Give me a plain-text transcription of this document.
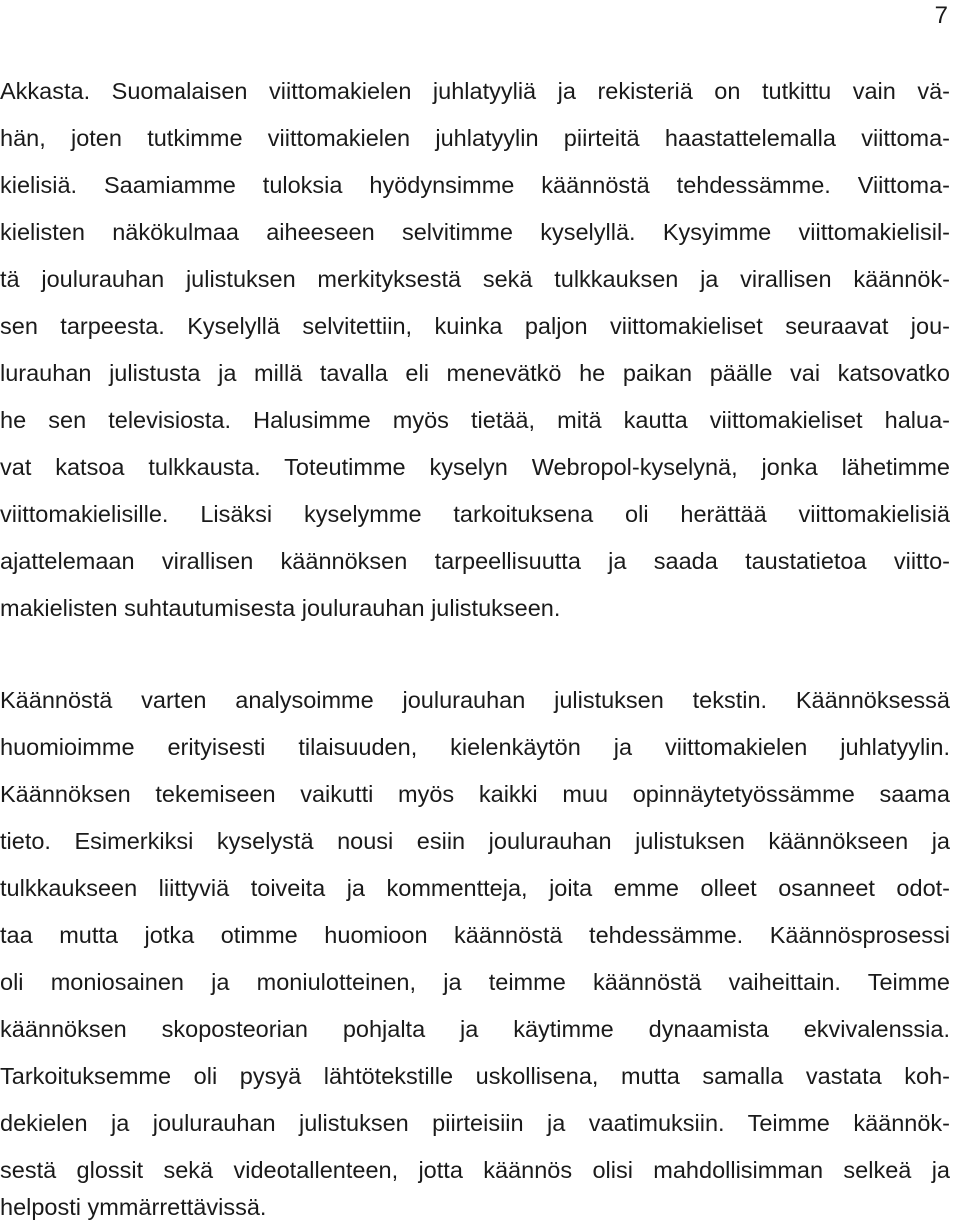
7
Akkasta. Suomalaisen viittomakielen juhlatyyliä ja rekisteriä on tutkittu vain vä-
hän, joten tutkimme viittomakielen juhlatyylin piirteitä haastattelemalla viittoma-
kielisiä. Saamiamme tuloksia hyödynsimme käännöstä tehdessämme. Viittoma-
kielisten näkökulmaa aiheeseen selvitimme kyselyllä. Kysyimme viittomakielisil-
tä joulurauhan julistuksen merkityksestä sekä tulkkauksen ja virallisen käännök-
sen tarpeesta. Kyselyllä selvitettiin, kuinka paljon viittomakieliset seuraavat jou-
lurauhan julistusta ja millä tavalla eli menevätkö he paikan päälle vai katsovatko
he sen televisiosta. Halusimme myös tietää, mitä kautta viittomakieliset halua-
vat katsoa tulkkausta. Toteutimme kyselyn Webropol-kyselynä, jonka lähetimme
viittomakielisille. Lisäksi kyselymme tarkoituksena oli herättää viittomakielisiä
ajattelemaan virallisen käännöksen tarpeellisuutta ja saada taustatietoa viitto-
makielisten suhtautumisesta joulurauhan julistukseen.
Käännöstä varten analysoimme joulurauhan julistuksen tekstin. Käännöksessä
huomioimme erityisesti tilaisuuden, kielenkäytön ja viittomakielen juhlatyylin.
Käännöksen tekemiseen vaikutti myös kaikki muu opinnäytetyössämme saama
tieto. Esimerkiksi kyselystä nousi esiin joulurauhan julistuksen käännökseen ja
tulkkaukseen liittyviä toiveita ja kommentteja, joita emme olleet osanneet odot-
taa mutta jotka otimme huomioon käännöstä tehdessämme. Käännösprosessi
oli moniosainen ja moniulotteinen, ja teimme käännöstä vaiheittain. Teimme
käännöksen skoposteorian pohjalta ja käytimme dynaamista ekvivalenssia.
Tarkoituksemme oli pysyä lähtötekstille uskollisena, mutta samalla vastata koh-
dekielen ja joulurauhan julistuksen piirteisiin ja vaatimuksiin. Teimme käännök-
sestä glossit sekä videotallenteen, jotta käännös olisi mahdollisimman selkeä ja
helposti ymmärrettävissä.
